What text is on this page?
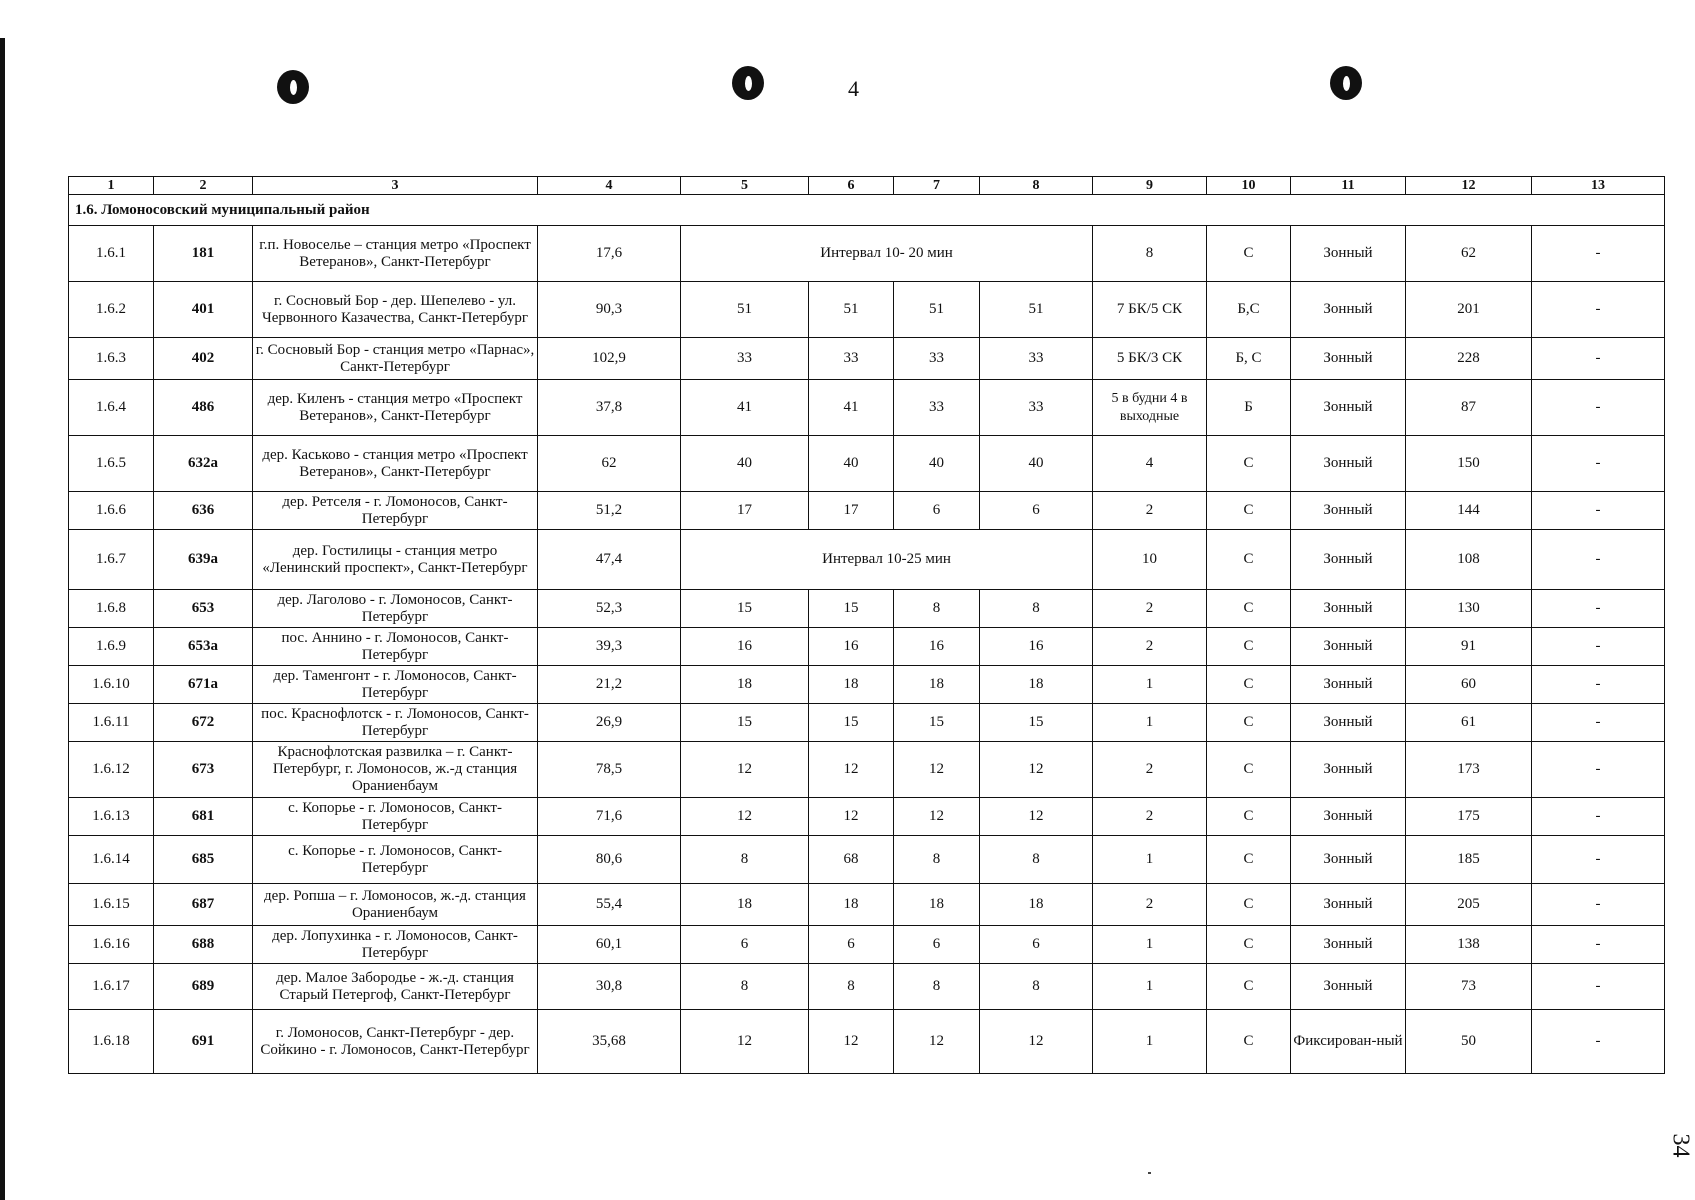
4
34
1	2	3	4	5	6	7	8	9	10	11	12	13
1.6. Ломоносовский муниципальный район												
1.6.1	181	г.п. Новоселье – станция метро «Проспект Ветеранов», Санкт-Петербург	17,6	Интервал 10- 20 мин				8	С	Зонный	62	-
1.6.2	401	г. Сосновый Бор - дер. Шепелево - ул. Червонного Казачества, Санкт-Петербург	90,3	51	51	51	51	7 БК/5 СК	Б,С	Зонный	201	-
1.6.3	402	г. Сосновый Бор - станция метро «Парнас», Санкт-Петербург	102,9	33	33	33	33	5 БК/3 СК	Б, С	Зонный	228	-
1.6.4	486	дер. Киленъ - станция метро «Проспект Ветеранов», Санкт-Петербург	37,8	41	41	33	33	5 в будни 4 в выходные	Б	Зонный	87	-
1.6.5	632а	дер. Каськово - станция метро «Проспект Ветеранов», Санкт-Петербург	62	40	40	40	40	4	С	Зонный	150	-
1.6.6	636	дер. Ретселя - г. Ломоносов, Санкт-Петербург	51,2	17	17	6	6	2	С	Зонный	144	-
1.6.7	639а	дер. Гостилицы - станция метро «Ленинский проспект», Санкт-Петербург	47,4	Интервал 10-25 мин				10	С	Зонный	108	-
1.6.8	653	дер. Лаголово - г. Ломоносов, Санкт-Петербург	52,3	15	15	8	8	2	С	Зонный	130	-
1.6.9	653а	пос. Аннино - г. Ломоносов, Санкт-Петербург	39,3	16	16	16	16	2	С	Зонный	91	-
1.6.10	671а	дер. Таменгонт - г. Ломоносов, Санкт-Петербург	21,2	18	18	18	18	1	С	Зонный	60	-
1.6.11	672	пос. Краснофлотск - г. Ломоносов, Санкт-Петербург	26,9	15	15	15	15	1	С	Зонный	61	-
1.6.12	673	Краснофлотская развилка – г. Санкт-Петербург, г. Ломоносов, ж.-д станция Ораниенбаум	78,5	12	12	12	12	2	С	Зонный	173	-
1.6.13	681	с. Копорье - г. Ломоносов, Санкт-Петербург	71,6	12	12	12	12	2	С	Зонный	175	-
1.6.14	685	с. Копорье - г. Ломоносов, Санкт-Петербург	80,6	8	68	8	8	1	С	Зонный	185	-
1.6.15	687	дер. Ропша – г. Ломоносов, ж.-д. станция Ораниенбаум	55,4	18	18	18	18	2	С	Зонный	205	-
1.6.16	688	дер. Лопухинка - г. Ломоносов, Санкт-Петербург	60,1	6	6	6	6	1	С	Зонный	138	-
1.6.17	689	дер. Малое Забородье - ж.-д. станция Старый Петергоф, Санкт-Петербург	30,8	8	8	8	8	1	С	Зонный	73	-
1.6.18	691	г. Ломоносов, Санкт-Петербург - дер. Сойкино - г. Ломоносов, Санкт-Петербург	35,68	12	12	12	12	1	С	Фиксирован-ный	50	-
